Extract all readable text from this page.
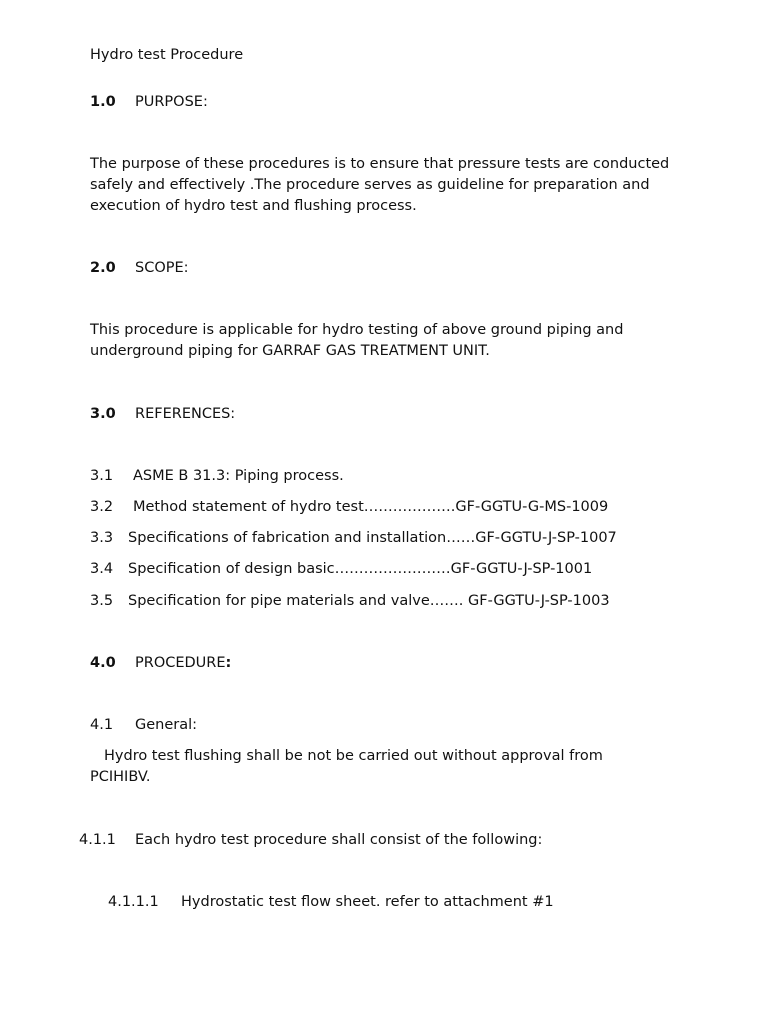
Hydro test Procedure
1.0 PURPOSE:
The purpose of these procedures is to ensure that pressure tests are conducted safely and effectively .The procedure serves as guideline for preparation and execution of hydro test and flushing process.
2.0 SCOPE:
This procedure is applicable for hydro testing of above ground piping and underground piping for GARRAF GAS TREATMENT UNIT.
3.0 REFERENCES:
3.1 ASME B 31.3: Piping process.
3.2 Method statement of hydro test……………….GF-GGTU-G-MS-1009
3.3 Specifications of fabrication and installation……GF-GGTU-J-SP-1007
3.4 Specification of design basic……………………GF-GGTU-J-SP-1001
3.5 Specification for pipe materials and valve……. GF-GGTU-J-SP-1003
4.0 PROCEDURE:
4.1 General:
Hydro test flushing shall be not be carried out without approval from PCIHIBV.
4.1.1 Each hydro test procedure shall consist of the following:
4.1.1.1 Hydrostatic test flow sheet. refer to attachment #1
